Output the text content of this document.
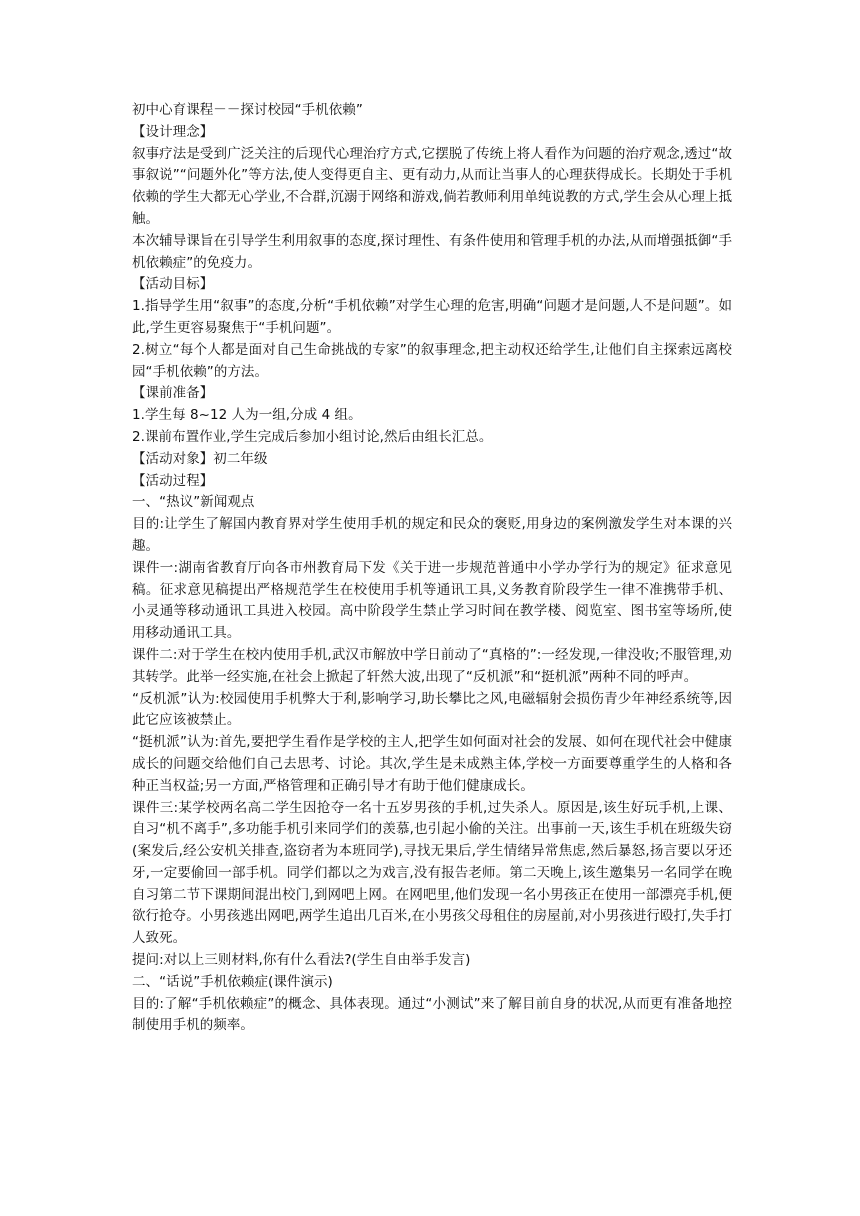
初中心育课程－－探讨校园“手机依赖”

【设计理念】

叙事疗法是受到广泛关注的后现代心理治疗方式,它摆脱了传统上将人看作为问题的治疗观念,透过“故事叙说”“问题外化”等方法,使人变得更自主、更有动力,从而让当事人的心理获得成长。长期处于手机依赖的学生大都无心学业,不合群,沉溺于网络和游戏,倘若教师利用单纯说教的方式,学生会从心理上抵触。

本次辅导课旨在引导学生利用叙事的态度,探讨理性、有条件使用和管理手机的办法,从而增强抵御“手机依赖症”的免疫力。

【活动目标】

1.指导学生用“叙事”的态度,分析“手机依赖”对学生心理的危害,明确“问题才是问题,人不是问题”。如此,学生更容易聚焦于“手机问题”。

2.树立“每个人都是面对自己生命挑战的专家”的叙事理念,把主动权还给学生,让他们自主探索远离校园“手机依赖”的方法。

【课前准备】

1.学生每 8~12 人为一组,分成 4 组。

2.课前布置作业,学生完成后参加小组讨论,然后由组长汇总。

【活动对象】初二年级

【活动过程】

一、“热议”新闻观点

目的:让学生了解国内教育界对学生使用手机的规定和民众的褒贬,用身边的案例激发学生对本课的兴趣。

课件一:湖南省教育厅向各市州教育局下发《关于进一步规范普通中小学办学行为的规定》征求意见稿。征求意见稿提出严格规范学生在校使用手机等通讯工具,义务教育阶段学生一律不准携带手机、小灵通等移动通讯工具进入校园。高中阶段学生禁止学习时间在教学楼、阅览室、图书室等场所,使用移动通讯工具。

课件二:对于学生在校内使用手机,武汉市解放中学日前动了“真格的”:一经发现,一律没收;不服管理,劝其转学。此举一经实施,在社会上掀起了轩然大波,出现了“反机派”和“挺机派”两种不同的呼声。

“反机派”认为:校园使用手机弊大于利,影响学习,助长攀比之风,电磁辐射会损伤青少年神经系统等,因此它应该被禁止。

“挺机派”认为:首先,要把学生看作是学校的主人,把学生如何面对社会的发展、如何在现代社会中健康成长的问题交给他们自己去思考、讨论。其次,学生是未成熟主体,学校一方面要尊重学生的人格和各种正当权益;另一方面,严格管理和正确引导才有助于他们健康成长。

课件三:某学校两名高二学生因抢夺一名十五岁男孩的手机,过失杀人。原因是,该生好玩手机,上课、自习“机不离手”,多功能手机引来同学们的羡慕,也引起小偷的关注。出事前一天,该生手机在班级失窃(案发后,经公安机关排查,盗窃者为本班同学),寻找无果后,学生情绪异常焦虑,然后暴怒,扬言要以牙还牙,一定要偷回一部手机。同学们都以之为戏言,没有报告老师。第二天晚上,该生邀集另一名同学在晚自习第二节下课期间混出校门,到网吧上网。在网吧里,他们发现一名小男孩正在使用一部漂亮手机,便欲行抢夺。小男孩逃出网吧,两学生追出几百米,在小男孩父母租住的房屋前,对小男孩进行殴打,失手打人致死。

提问:对以上三则材料,你有什么看法?(学生自由举手发言)

二、“话说”手机依赖症(课件演示)

目的:了解“手机依赖症”的概念、具体表现。通过“小测试”来了解目前自身的状况,从而更有准备地控制使用手机的频率。
